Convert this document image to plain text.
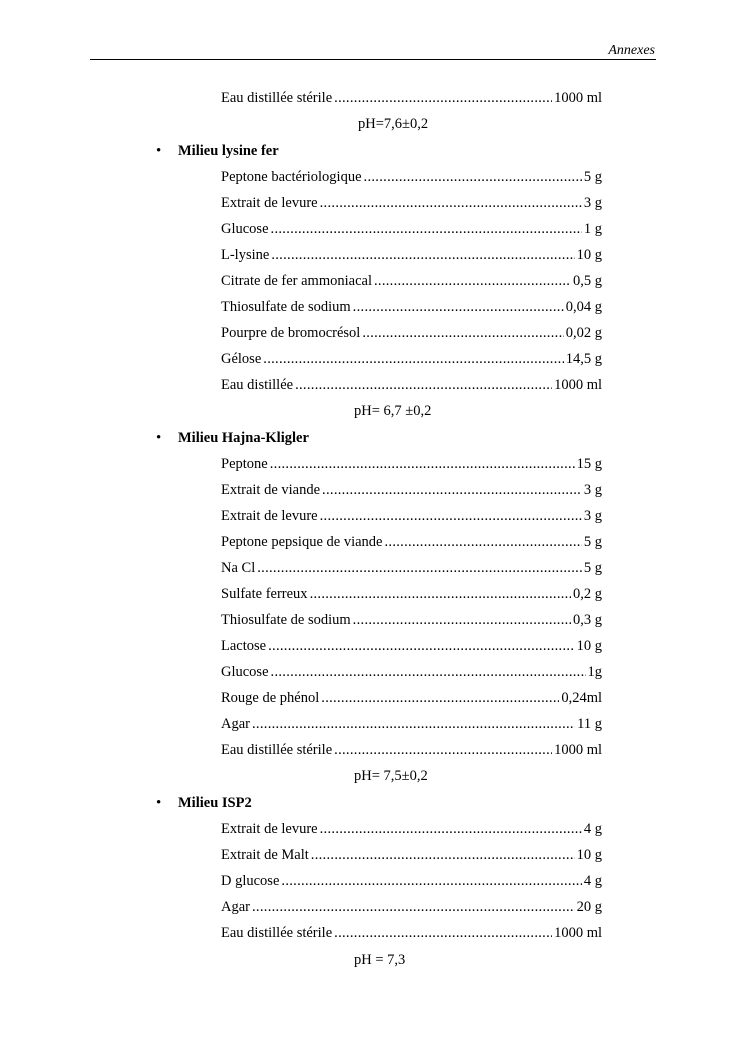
Annexes
Eau distillée stérile .....	1000 ml
pH=7,6±0,2
• Milieu lysine fer
Peptone bactériologique .....	5 g
Extrait de levure .....	3 g
Glucose .....	1 g
L-lysine .....	10 g
Citrate de fer ammoniacal .....	0,5 g
Thiosulfate de sodium .....	0,04 g
Pourpre de bromocrésol .....	0,02 g
Gélose .....	14,5 g
Eau distillée .....	1000 ml
pH= 6,7 ±0,2
• Milieu Hajna-Kligler
Peptone .....	15 g
Extrait de viande .....	3 g
Extrait de levure .....	3 g
Peptone pepsique de viande .....	5 g
Na Cl .....	5 g
Sulfate ferreux .....	0,2 g
Thiosulfate de sodium .....	0,3 g
Lactose .....	10 g
Glucose .....	1g
Rouge de phénol .....	0,24ml
Agar .....	11 g
Eau distillée stérile .....	1000 ml
pH= 7,5±0,2
• Milieu ISP2
Extrait de levure .....	4 g
Extrait de Malt .....	10 g
D glucose .....	4 g
Agar .....	20 g
Eau distillée stérile .....	1000 ml
pH = 7,3
